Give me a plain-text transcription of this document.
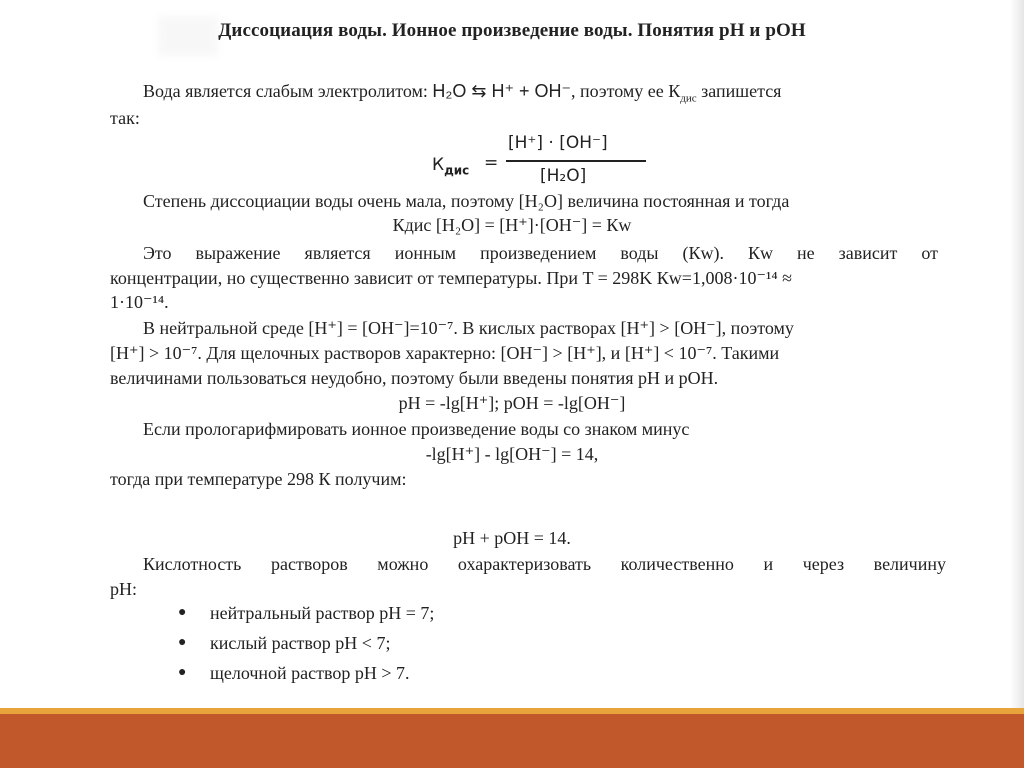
Диссоциация воды. Ионное произведение воды. Понятия pH и pOH
Вода является слабым электролитом: H₂O ⇆ H⁺ + OH⁻, поэтому ее $К_{дис}$ запишется
так:
$К_{дис}$ =
[H⁺] · [OH⁻]
[H₂O]
Степень диссоциации воды очень мала, поэтому [H₂O] величина постоянная и тогда
Кдис [H₂O] = [H⁺]·[OH⁻] = Кw
Это выражение является ионным произведением воды (Кw). Кw не зависит от
концентрации, но существенно зависит от температуры. При T = 298K Кw=1,008·10⁻¹⁴ ≈
1·10⁻¹⁴.
В нейтральной среде [H⁺] = [OH⁻]=10⁻⁷. В кислых растворах [H⁺] > [OH⁻], поэтому
[H⁺] > 10⁻⁷. Для щелочных растворов характерно: [OH⁻] > [H⁺], и [H⁺] < 10⁻⁷. Такими
величинами пользоваться неудобно, поэтому были введены понятия pH и pOH.
pH = -lg[H⁺]; pOH = -lg[OH⁻]
Если прологарифмировать ионное произведение воды со знаком минус
-lg[H⁺] - lg[OH⁻] = 14,
тогда при температуре 298 К получим:
pH + pOH = 14.
Кислотность растворов можно охарактеризовать количественно и через величину
pH:
●	нейтральный раствор pH = 7;
●	кислый раствор pH < 7;
●	щелочной раствор pH > 7.
